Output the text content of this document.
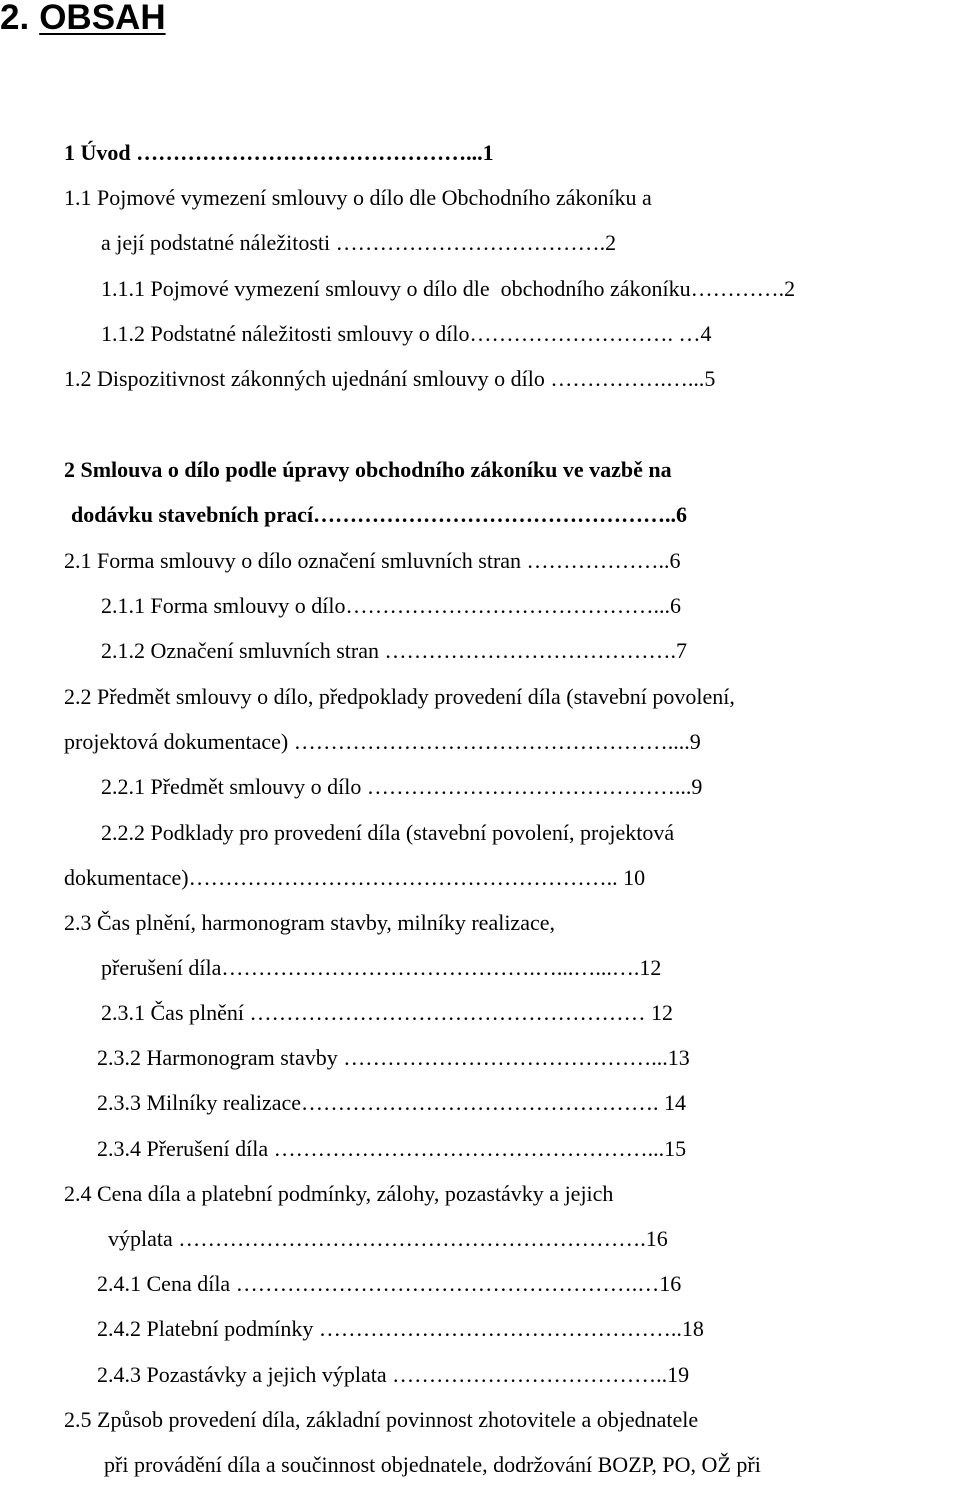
2. OBSAH

1 Úvod ………………………………………...1

1.1 Pojmové vymezení smlouvy o dílo dle Obchodního zákoníku a

a její podstatné náležitosti ……………………………….2

1.1.1 Pojmové vymezení smlouvy o dílo dle  obchodního zákoníku………….2

1.1.2 Podstatné náležitosti smlouvy o dílo………………………. …4

1.2 Dispozitivnost zákonných ujednání smlouvy o dílo …………….…...5

2 Smlouva o dílo podle úpravy obchodního zákoníku ve vazbě na

dodávku stavebních prací…………………………………………..6

2.1 Forma smlouvy o dílo označení smluvních stran ………………..6

2.1.1 Forma smlouvy o dílo……………………………………...6

2.1.2 Označení smluvních stran ………………………………….7

2.2 Předmět smlouvy o dílo, předpoklady provedení díla (stavební povolení,

projektová dokumentace) ……………………………………………....9

2.2.1 Předmět smlouvy o dílo ……………………………………...9

2.2.2 Podklady pro provedení díla (stavební povolení, projektová

dokumentace)………………………………………………….. 10

2.3 Čas plnění, harmonogram stavby, milníky realizace,

přerušení díla…………………………………….…...…...….12

2.3.1 Čas plnění ……………………………………………… 12

2.3.2 Harmonogram stavby ……………………………………...13

2.3.3 Milníky realizace…………………………………………. 14

2.3.4 Přerušení díla ……………………………………………...15

2.4 Cena díla a platební podmínky, zálohy, pozastávky a jejich

výplata ……………………………………………………….16

2.4.1 Cena díla ……………………………………………….…16

2.4.2 Platební podmínky …………………………………………..18

2.4.3 Pozastávky a jejich výplata ………………………………..19

2.5 Způsob provedení díla, základní povinnost zhotovitele a objednatele

při provádění díla a součinnost objednatele, dodržování BOZP, PO, OŽ při
